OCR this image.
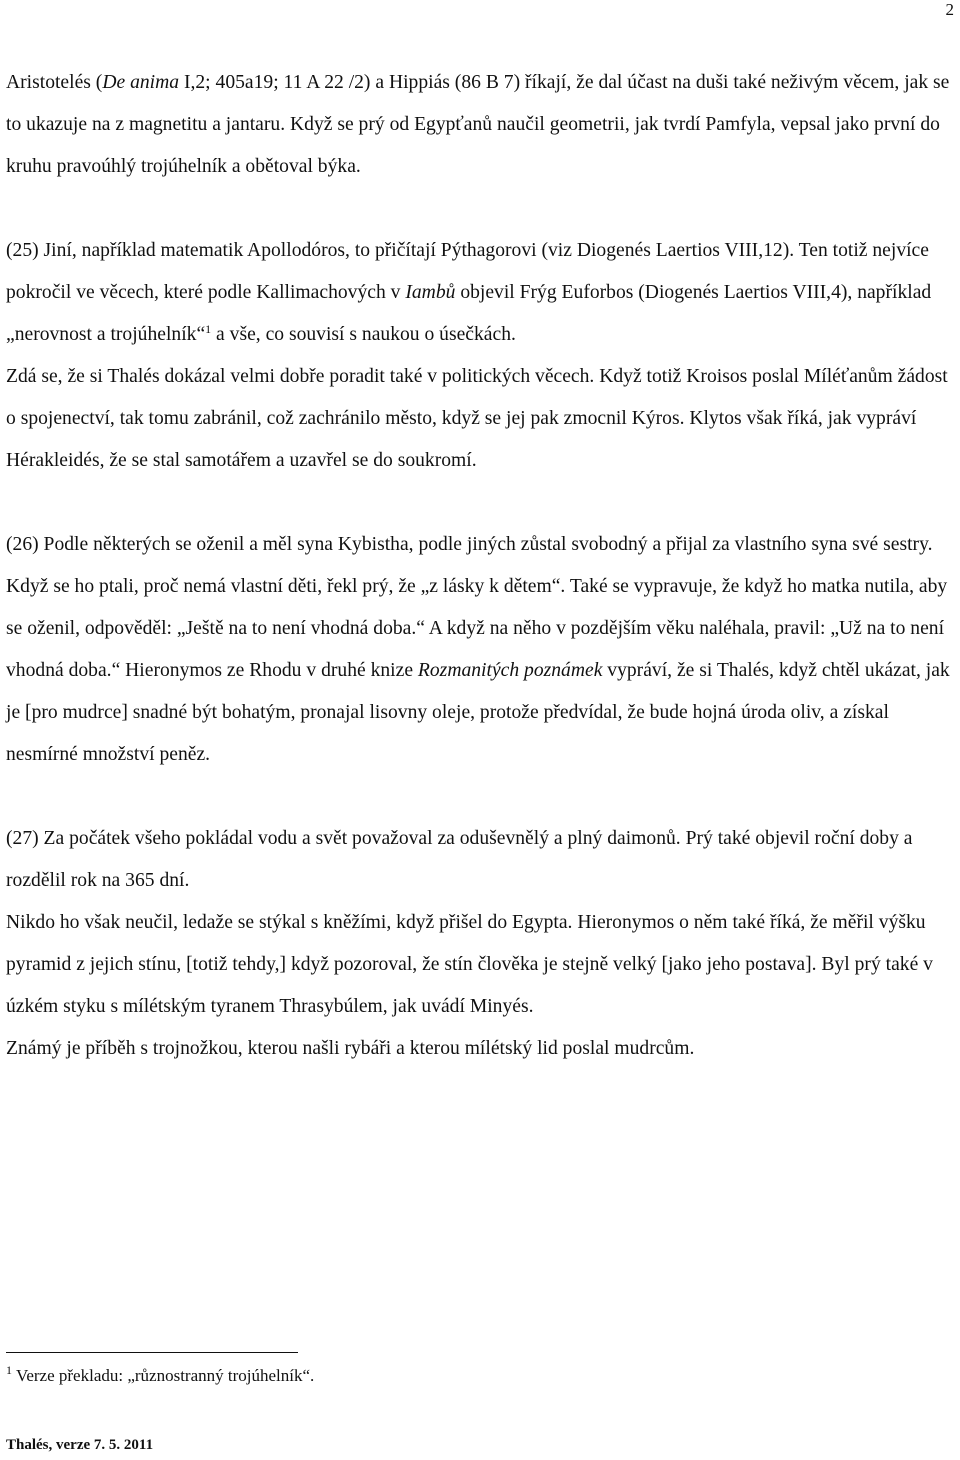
2

Aristotelés (De anima I,2; 405a19; 11 A 22 /2) a Hippiás (86 B 7) říkají, že dal účast na duši také neživým věcem, jak se to ukazuje na z magnetitu a jantaru. Když se prý od Egypťanů naučil geometrii, jak tvrdí Pamfyla, vepsal jako první do kruhu pravoúhlý trojúhelník a obětoval býka.

(25) Jiní, například matematik Apollodóros, to přičítají Pýthagorovi (viz Diogenés Laertios VIII,12). Ten totiž nejvíce pokročil ve věcech, které podle Kallimachových v Iambů objevil Frýg Euforbos (Diogenés Laertios VIII,4), například „nerovnost a trojúhelník“$^1$ a vše, co souvisí s naukou o úsečkách.

Zdá se, že si Thalés dokázal velmi dobře poradit také v politických věcech. Když totiž Kroisos poslal Míléťanům žádost o spojenectví, tak tomu zabránil, což zachránilo město, když se jej pak zmocnil Kýros. Klytos však říká, jak vypráví Hérakleidés, že se stal samotářem a uzavřel se do soukromí.

(26) Podle některých se oženil a měl syna Kybistha, podle jiných zůstal svobodný a přijal za vlastního syna své sestry. Když se ho ptali, proč nemá vlastní děti, řekl prý, že „z lásky k dětem“. Také se vypravuje, že když ho matka nutila, aby se oženil, odpověděl: „Ještě na to není vhodná doba.“ A když na něho v pozdějším věku naléhala, pravil: „Už na to není vhodná doba.“ Hieronymos ze Rhodu v druhé knize Rozmanitých poznámek vypráví, že si Thalés, když chtěl ukázat, jak je [pro mudrce] snadné být bohatým, pronajal lisovny oleje, protože předvídal, že bude hojná úroda oliv, a získal nesmírné množství peněz.

(27) Za počátek všeho pokládal vodu a svět považoval za oduševnělý a plný daimonů. Prý také objevil roční doby a rozdělil rok na 365 dní.

Nikdo ho však neučil, ledaže se stýkal s kněžími, když přišel do Egypta. Hieronymos o něm také říká, že měřil výšku pyramid z jejich stínu, [totiž tehdy,] když pozoroval, že stín člověka je stejně velký [jako jeho postava]. Byl prý také v úzkém styku s mílétským tyranem Thrasybúlem, jak uvádí Minyés.

Známý je příběh s trojnožkou, kterou našli rybáři a kterou mílétský lid poslal mudrcům.

$^1$ Verze překladu: „různostranný trojúhelník“.
Thalés, verze 7. 5. 2011
